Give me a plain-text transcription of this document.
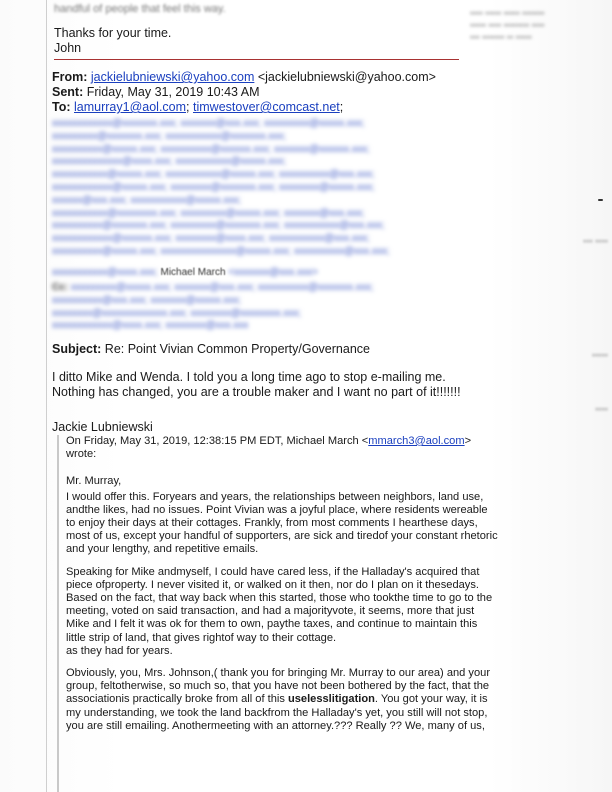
▪▪▪▪ ▪▪▪▪▪ ▪▪▪▪▪ ▪▪▪▪▪▪▪
▪▪▪▪▪ ▪▪▪▪ ▪▪▪▪▪▪▪▪ ▪▪▪▪
▪▪▪ ▪▪▪▪▪▪▪ ▪▪ ▪▪▪▪▪
handful of people that feel this way.
Thanks for your time.
John
From: jackielubniewski@yahoo.com <jackielubniewski@yahoo.com>
Sent: Friday, May 31, 2019 10:43 AM
To: lamurray1@aol.com; timwestover@comcast.net;
xxxxxxxxxxxx@xxxxxxx.xxx; xxxxxxx@xxx.xxx; xxxxxxxxx@xxxxx.xxx;
xxxxxxxxx@xxxxxxx.xxx; xxxxxxxxxxx@xxxxxxx.xxx;
xxxxxxxxxx@xxxxx.xxx; xxxxxxxxxx@xxxxxx.xxx; xxxxxxx@xxxxxx.xxx;
xxxxxxxxxxxxxx@xxxx.xxx; xxxxxxxxxxx@xxxxx.xxx;
xxxxxxxxxxx@xxxxx.xxx; xxxxxxxxxxx@xxxxx.xxx; xxxxxxxxxx@xxx.xxx;
xxxxxxxxxxxx@xxxxx.xxx; xxxxxxxx@xxxxxxx.xxx; xxxxxxxx@xxxxx.xxx;
xxxxxx@xxx.xxx; xxxxxxxxxxx@xxxxx.xxx;
xxxxxxxxxxx@xxxxxxxx.xxx; xxxxxxxxx@xxxxx.xxx; xxxxxxx@xxx.xxx;
xxxxxxxxxx@xxxxxxx.xxx; xxxxxxxxx@xxxxxxx.xxx; xxxxxxxxxxx@xxx.xxx;
xxxxxxxxxxxx@xxxxxx.xxx; xxxxxxxx@xxxx.xxx; xxxxxxxxxxx@xxx.xxx;
xxxxxxxxxx@xxxxx.xxx; xxxxxxxxxxxxxxx@xxxxx.xxx; xxxxxxxxxx@xxx.xxx;
xxxxxxxxxxx@xxxx.xxx; Michael March <xxxxxxx@xxx.xxx>
Cc: xxxxxxxxx@xxxxx.xxx; xxxxxxx@xxx.xxx; xxxxxxxxxx@xxxxxxx.xxx;
xxxxxxxxxx@xxx.xxx; xxxxxxx@xxxxx.xxx;
xxxxxxxx@xxxxxxxxxxxxx.xxx; xxxxxxxx@xxxxxxxx.xxx;
xxxxxxxxxxxx@xxxx.xxx; xxxxxxxx@xxx.xxx
Subject: Re: Point Vivian Common Property/Governance
I ditto Mike and Wenda. I told you a long time ago to stop e-mailing me.
Nothing has changed, you are a trouble maker and I want no part of it!!!!!!!
Jackie Lubniewski

On Friday, May 31, 2019, 12:38:15 PM EDT, Michael March <mmarch3@aol.com>
wrote:

Mr. Murray,

I would offer this. Foryears and years, the relationships between neighbors, land use, andthe likes, had no issues. Point Vivian was a joyful place, where residents wereable to enjoy their days at their cottages. Frankly, from most comments I hearthese days, most of us, except your handful of supporters, are sick and tiredof your constant rhetoric and your lengthy, and repetitive emails.

Speaking for Mike andmyself, I could have cared less, if the Halladay's acquired that piece ofproperty. I never visited it, or walked on it then, nor do I plan on it thesedays. Based on the fact, that way back when this started, those who tookthe time to go to the meeting, voted on said transaction, and had a majorityvote, it seems, more that just Mike and I felt it was ok for them to own, paythe taxes, and continue to maintain this little strip of land, that gives rightof way to their cottage.

as they had for years.

Obviously, you, Mrs. Johnson,( thank you for bringing Mr. Murray to our area) and your group, feltotherwise, so much so, that you have not been bothered by the fact, that the associationis practically broke from all of this uselesslitigation. You got your way, it is my understanding, we took the land backfrom the Halladay's yet, you still will not stop, you are still emailing. Anothermeeting with an attorney.??? Really ?? We, many of us,

▪▪▪ ▪▪▪▪
▪▪▪▪▪
▪▪▪▪
